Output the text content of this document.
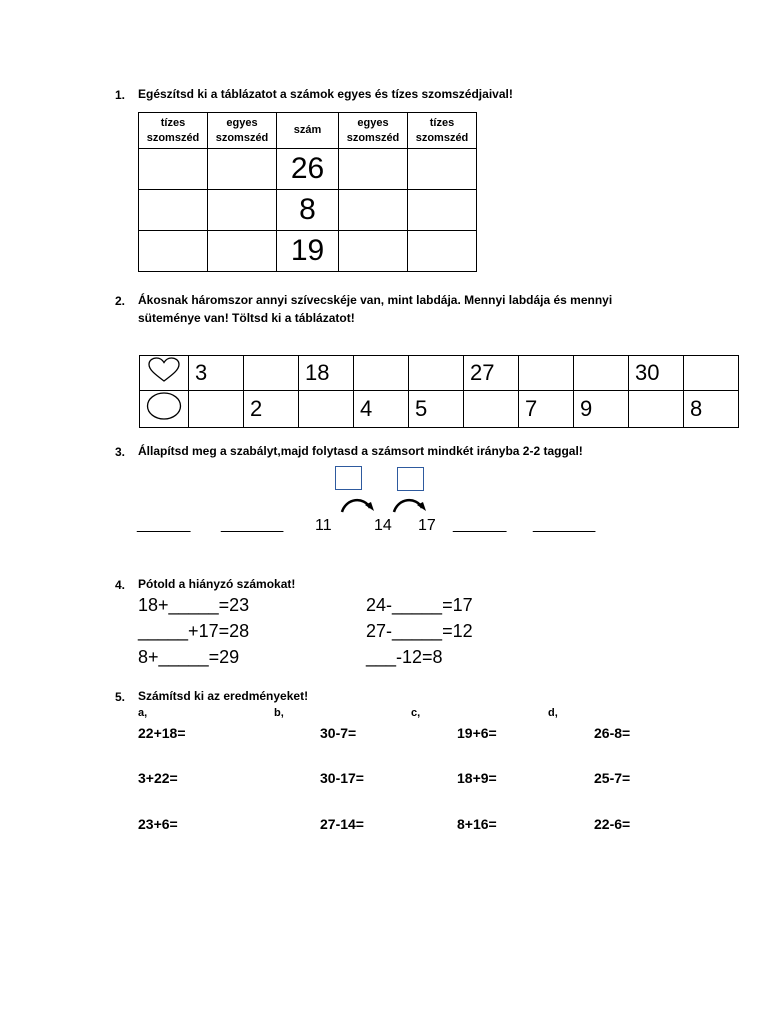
1. Egészítsd ki a táblázatot a számok egyes és tízes szomszédjaival!
tízes szomszéd	egyes szomszéd	szám	egyes szomszéd	tízes szomszéd
		26		
		8		
		19		
2. Ákosnak háromszor annyi szívecskéje van, mint labdája. Mennyi labdája és mennyi
süteménye van! Töltsd ki a táblázatot!
	3		18			27			30	
		2		4	5		7	9		8
3. Állapítsd meg a szabályt,majd folytasd a számsort mindkét irányba 2-2 taggal!
______ _______ 11	14 17 ______ _______
4. Pótold a hiányzó számokat!
18+_____=23
_____+17=28
8+_____=29
24-_____=17
27-_____=12
___-12=8
5. Számítsd ki az eredményeket!
a,	b,	c,	d,
22+18=	30-7=	19+6=	26-8=
3+22=	30-17=	18+9=	25-7=
23+6=	27-14=	8+16=	22-6=
